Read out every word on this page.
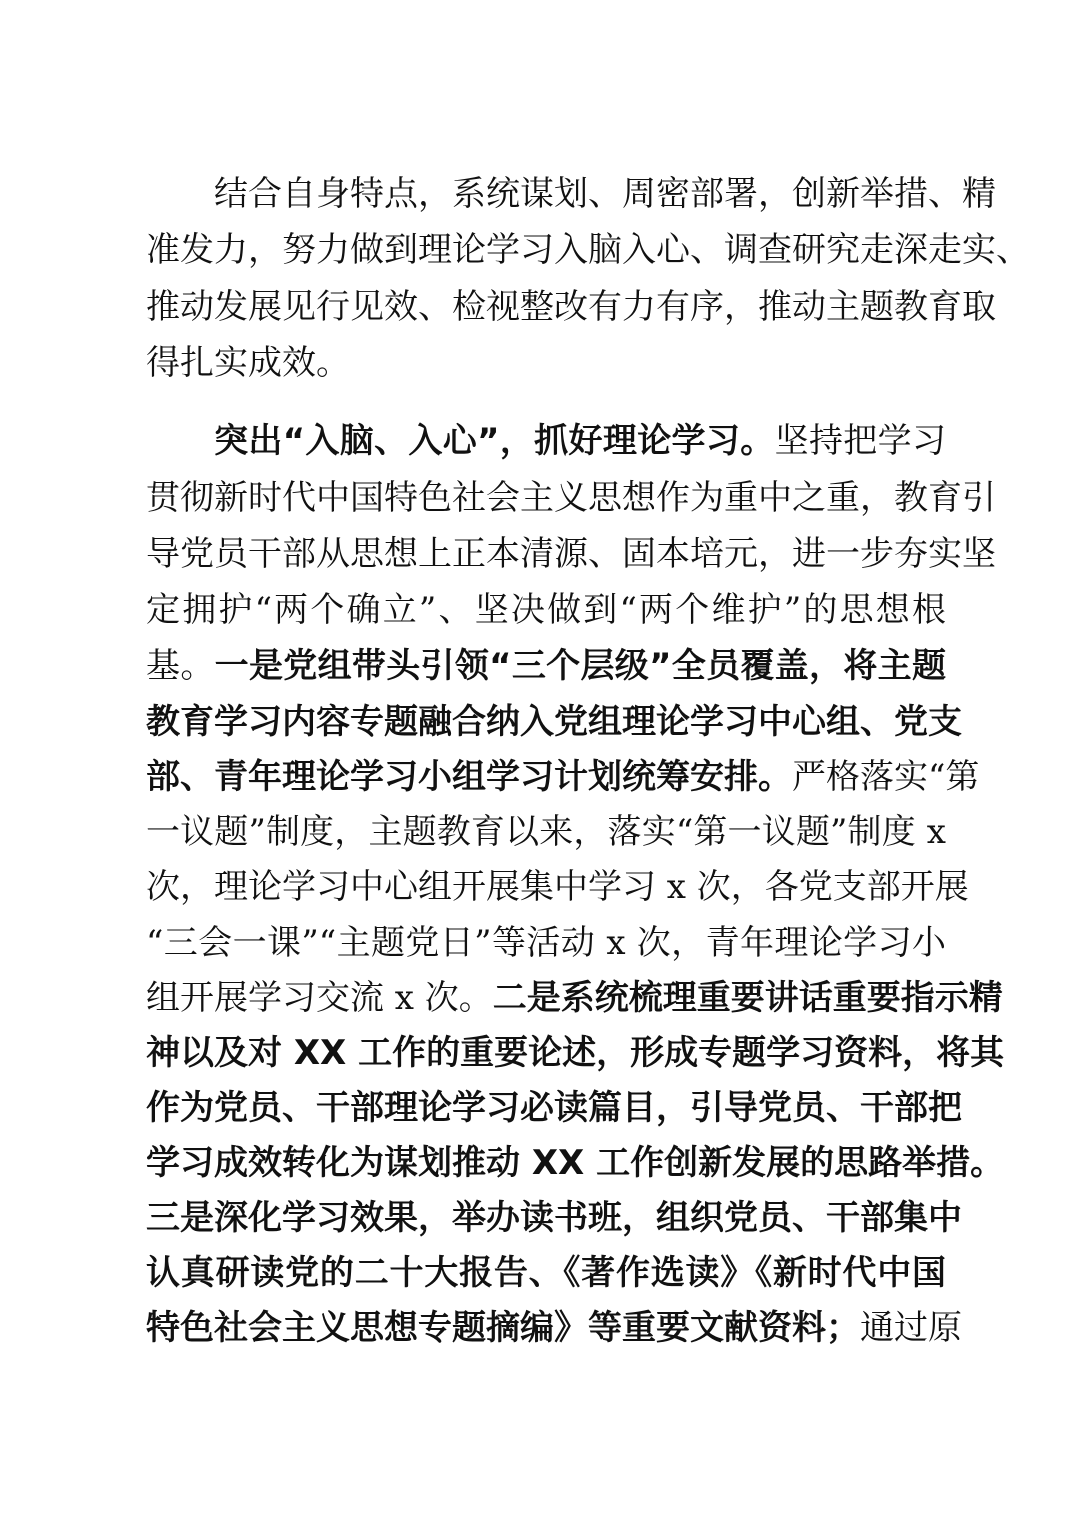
结合自身特点，系统谋划、周密部署，创新举措、精
准发力，努力做到理论学习入脑入心、调查研究走深走实、
推动发展见行见效、检视整改有力有序，推动主题教育取
得扎实成效。
突出“入脑、入心”，抓好理论学习。坚持把学习
贯彻新时代中国特色社会主义思想作为重中之重，教育引
导党员干部从思想上正本清源、固本培元，进一步夯实坚
定拥护“两个确立”、坚决做到“两个维护”的思想根
基。一是党组带头引领“三个层级”全员覆盖，将主题
教育学习内容专题融合纳入党组理论学习中心组、党支
部、青年理论学习小组学习计划统筹安排。严格落实“第
一议题”制度，主题教育以来，落实“第一议题”制度 x
次，理论学习中心组开展集中学习 x 次，各党支部开展
“三会一课”“主题党日”等活动 x 次，青年理论学习小
组开展学习交流 x 次。二是系统梳理重要讲话重要指示精
神以及对 XX 工作的重要论述，形成专题学习资料，将其
作为党员、干部理论学习必读篇目，引导党员、干部把
学习成效转化为谋划推动 XX 工作创新发展的思路举措。
三是深化学习效果，举办读书班，组织党员、干部集中
认真研读党的二十大报告、《著作选读》《新时代中国
特色社会主义思想专题摘编》等重要文献资料；通过原
